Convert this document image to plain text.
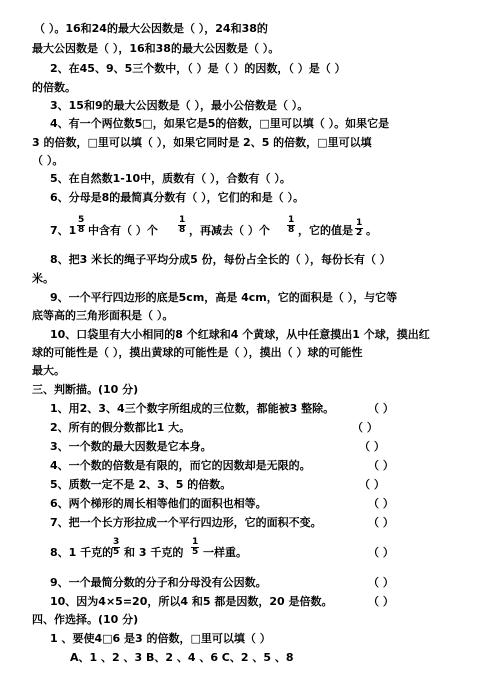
（ ）。16和24的最大公因数是（ ），24和38的
最大公因数是（ ），16和38的最大公因数是（ ）。
2、在45、9、5三个数中，（ ）是（ ）的因数，（ ）是（ ）
的倍数。
3、15和9的最大公因数是（ ），最小公倍数是（ ）。
4、有一个两位数5□，如果它是5的倍数，□里可以填（ ）。如果它是
3 的倍数，□里可以填（ ），如果它同时是 2、5 的倍数，□里可以填
（ ）。
5、在自然数1-10中，质数有（ ），合数有（ ）。
6、分母是8的最简真分数有（ ），它们的和是（ ）。
7、$1 \frac{5}{8}$ 中含有（ ）个 $\frac{1}{8}$ ，再减去（ ）个 $\frac{1}{8}$ ，它的值是 $\frac{1}{2}$ 。
8、把3 米长的绳子平均分成5 份，每份占全长的（ ），每份长有（ ）
米。
9、一个平行四边形的底是5cm，高是 4cm，它的面积是（ ），与它等
底等高的三角形面积是（ ）。
10、口袋里有大小相同的8 个红球和4 个黄球，从中任意摸出1 个球，摸出红
球的可能性是（ ），摸出黄球的可能性是（ ），摸出（ ）球的可能性
最大。
三、判断描。(10 分)
1、用2、3、4三个数字所组成的三位数，都能被3 整除。	（ ）
2、所有的假分数都比1 大。	（ ）
3、一个数的最大因数是它本身。	（ ）
4、一个数的倍数是有限的，而它的因数却是无限的。	（ ）
5、质数一定不是 2、3、5 的倍数。	（ ）
6、两个梯形的周长相等他们的面积也相等。	（ ）
7、把一个长方形拉成一个平行四边形，它的面积不变。	（ ）
8、1 千克的
$\frac{3}{5}$ 和 3 千克的 $\frac{1}{5}$ 一样重。	（ ）
9、一个最简分数的分子和分母没有公因数。	（ ）
10、因为4×5=20，所以4 和5 都是因数，20 是倍数。	（ ）
四、作选择。(10 分)
1 、要使4□6 是3 的倍数，□里可以填（ ）
A、1 、2 、3 B、2 、4 、6 C、2 、5 、8
